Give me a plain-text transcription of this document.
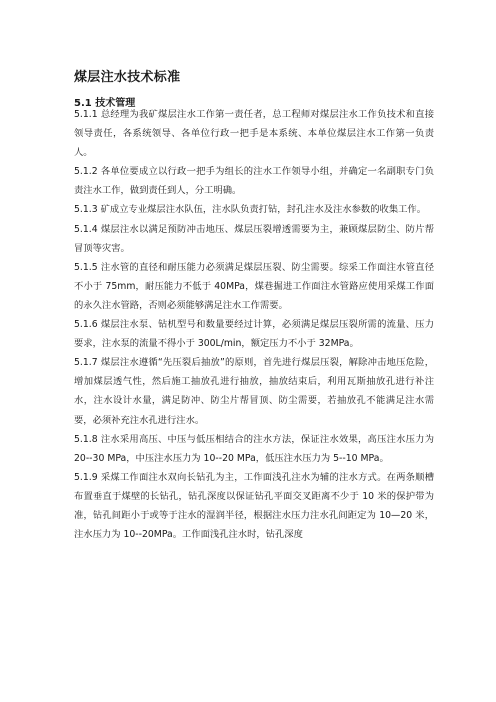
煤层注水技术标准
5.1 技术管理

5.1.1 总经理为我矿煤层注水工作第一责任者，总工程师对煤层注水工作负技术和直接领导责任，各系统领导、各单位行政一把手是本系统、本单位煤层注水工作第一负责人。

5.1.2 各单位要成立以行政一把手为组长的注水工作领导小组，并确定一名副职专门负责注水工作，做到责任到人，分工明确。

5.1.3 矿成立专业煤层注水队伍，注水队负责打钻，封孔注水及注水参数的收集工作。

5.1.4 煤层注水以满足预防冲击地压、煤层压裂增透需要为主，兼顾煤层防尘、防片帮冒顶等灾害。

5.1.5 注水管的直径和耐压能力必须满足煤层压裂、防尘需要。综采工作面注水管直径不小于 75mm，耐压能力不低于 40MPa，煤巷掘进工作面注水管路应使用采煤工作面的永久注水管路，否则必须能够满足注水工作需要。

5.1.6 煤层注水泵、钻机型号和数量要经过计算，必须满足煤层压裂所需的流量、压力要求，注水泵的流量不得小于 300L/min，额定压力不小于 32MPa。

5.1.7 煤层注水遵循“先压裂后抽放”的原则，首先进行煤层压裂，解除冲击地压危险，增加煤层透气性，然后施工抽放孔进行抽放，抽放结束后，利用瓦斯抽放孔进行补注水，注水设计水量，满足防冲、防尘片帮冒顶、防尘需要，若抽放孔不能满足注水需要，必须补充注水孔进行注水。

5.1.8 注水采用高压、中压与低压相结合的注水方法，保证注水效果，高压注水压力为 20--30 MPa，中压注水压力为 10--20 MPa，低压注水压力为 5--10 MPa。

5.1.9 采煤工作面注水双向长钻孔为主，工作面浅孔注水为辅的注水方式。在两条顺槽布置垂直于煤壁的长钻孔，钻孔深度以保证钻孔平面交叉距离不少于 10 米的保护带为准，钻孔间距小于或等于注水的湿润半径，根据注水压力注水孔间距定为 10—20 米，注水压力为 10--20MPa。工作面浅孔注水时，钻孔深度
